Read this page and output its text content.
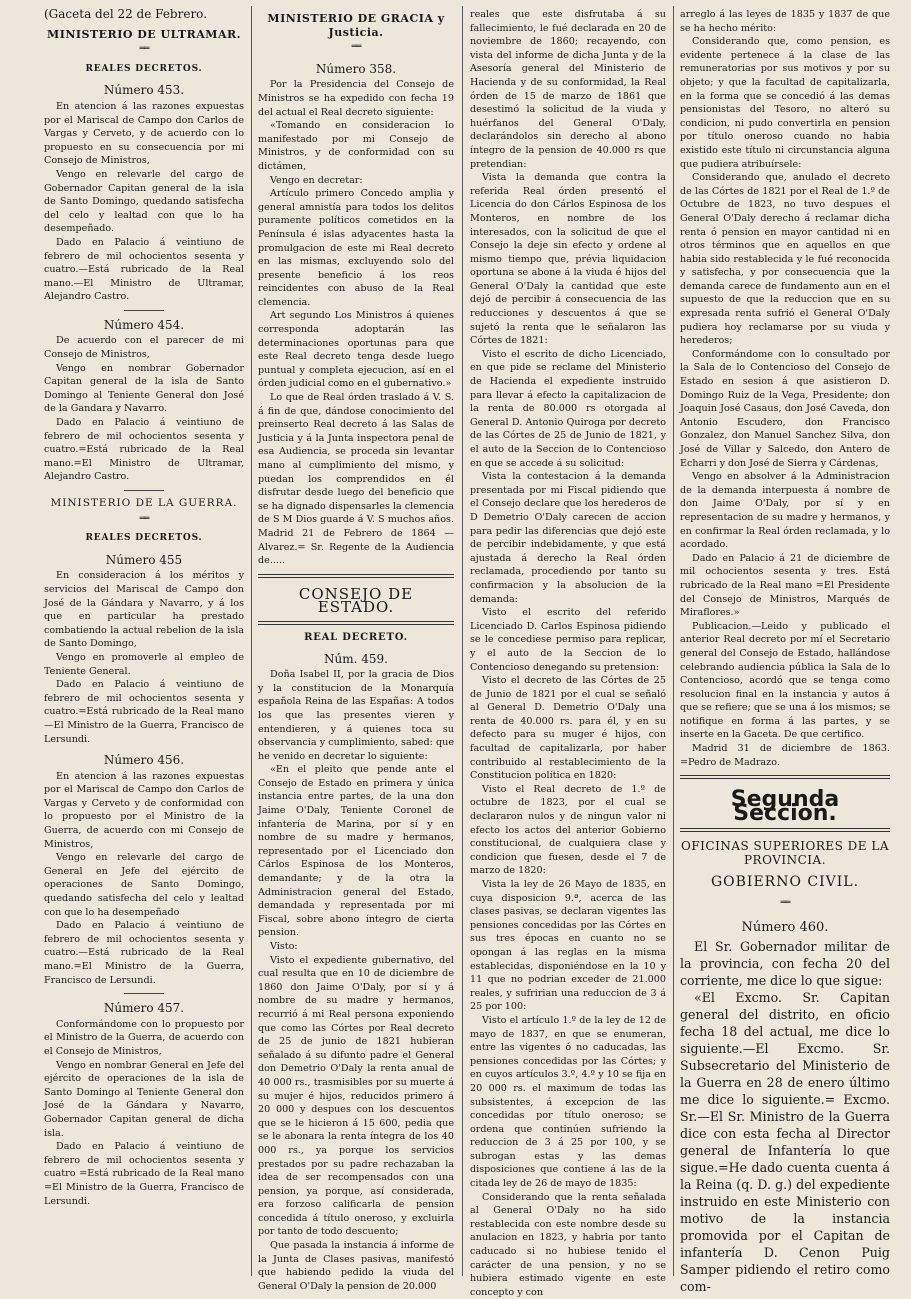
(Gaceta del 22 de Febrero.

MINISTERIO DE ULTRAMAR.
══
REALES DECRETOS.
Número 453.

En atencion á las razones expuestas por el Mariscal de Campo don Carlos de Vargas y Cerveto, y de acuerdo con lo propuesto en su consecuencia por mi Consejo de Ministros,

Vengo en relevarle del cargo de Gobernador Capitan general de la isla de Santo Domingo, quedando satisfecha del celo y lealtad con que lo ha desempeñado.

Dado en Palacio á veintiuno de febrero de mil ochocientos sesenta y cuatro.—Está rubricado de la Real mano.—El Ministro de Ultramar, Alejandro Castro.

Número 454.

De acuerdo con el parecer de mi Consejo de Ministros,

Vengo en nombrar Gobernador Capitan general de la isla de Santo Domingo al Teniente General don José de la Gandara y Navarro.

Dado en Palacio á veintiuno de febrero de mil ochocientos sesenta y cuatro.=Está rubricado de la Real mano.=El Ministro de Ultramar, Alejandro Castro.

MINISTERIO DE LA GUERRA.
══
REALES DECRETOS.
Número 455

En consideracion á los méritos y servicios del Mariscal de Campo don José de la Gándara y Navarro, y á los que en particular ha prestado combatiendo la actual rebelion de la isla de Santo Domingo,

Vengo en promoverle al empleo de Teniente General.

Dado en Palacio á veintiuno de febrero de mil ochocientos sesenta y cuatro.=Está rubricado de la Real mano —El Ministro de la Guerra, Francisco de Lersundi.

Número 456.

En atencion á las razones expuestas por el Mariscal de Campo don Carlos de Vargas y Cerveto y de conformidad con lo propuesto por el Ministro de la Guerra, de acuerdo con mi Consejo de Ministros,

Vengo en relevarle del cargo de General en Jefe del ejército de operaciones de Santo Domingo, quedando satisfecha del celo y lealtad con que lo ha desempeñado

Dado en Palacio á veintiuno de febrero de mil ochocientos sesenta y cuatro.—Está rubricado de la Real mano.=El Ministro de la Guerra, Francisco de Lersundi.

Número 457.

Conformándome con lo propuesto por el Ministro de la Guerra, de acuerdo con el Consejo de Ministros,

Vengo en nombrar General en Jefe del ejército de operaciones de la isla de Santo Domingo al Teniente General don José de la Gándara y Navarro, Gobernador Capitan general de dicha isla.

Dado en Palacio á veintiuno de febrero de mil ochocientos sesenta y cuatro =Está rubricado de la Real mano =El Ministro de la Guerra, Francisco de Lersundi.

MINISTERIO DE GRACIA y Justicia.
══
Número 358.

Por la Presidencia del Consejo de Ministros se ha expedido con fecha 19 del actual el Real decreto siguiente:

«Tomando en consideracion lo manifestado por mi Consejo de Ministros, y de conformidad con su dictámen,

Vengo en decretar:

Artículo primero Concedo amplia y general amnistía para todos los delitos puramente políticos cometidos en la Península é islas adyacentes hasta la promulgacion de este mi Real decreto en las mismas, excluyendo solo del presente beneficio á los reos reincidentes con abuso de la Real clemencia.

Art segundo Los Ministros á quienes corresponda adoptarán las determinaciones oportunas para que este Real decreto tenga desde luego puntual y completa ejecucion, así en el órden judicial como en el gubernativo.»

Lo que de Real órden traslado á V. S. á fin de que, dándose conocimiento del preinserto Real decreto á las Salas de Justicia y á la Junta inspectora penal de esa Audiencia, se proceda sin levantar mano al cumplimiento del mismo, y puedan los comprendidos en él disfrutar desde luego del beneficio que se ha dignado dispensarles la clemencia de S M Dios guarde á V. S muchos años. Madrid 21 de Febrero de 1864 —Alvarez.= Sr. Regente de la Audiencia de.....

CONSEJO DE ESTADO.
REAL DECRETO.
Núm. 459.

Doña Isabel II, por la gracia de Dios y la constitucion de la Monarquía española Reina de las Españas: A todos los que las presentes vieren y entendieren, y á quienes toca su observancia y cumplimiento, sabed: que he venido en decretar lo siguiente:

«En el pleito que pende ante el Consejo de Estado en primera y única instancia entre partes, de la una don Jaime O'Daly, Teniente Coronel de infantería de Marina, por sí y en nombre de su madre y hermanos, representado por el Licenciado don Cárlos Espinosa de los Monteros, demandante; y de la otra la Administracion general del Estado, demandada y representada por mi Fiscal, sobre abono íntegro de cierta pension.

Visto:

Visto el expediente gubernativo, del cual resulta que en 10 de diciembre de 1860 don Jaime O'Daly, por sí y á nombre de su madre y hermanos, recurrió á mi Real persona exponiendo que como las Córtes por Real decreto de 25 de junio de 1821 hubieran señalado á su difunto padre el General don Demetrio O'Daly la renta anual de 40 000 rs., trasmisibles por su muerte á su mujer é hijos, reducidos primero á 20 000 y despues con los descuentos que se le hicieron á 15 600, pedia que se le abonara la renta íntegra de los 40 000 rs., ya porque los servicios prestados por su padre rechazaban la idea de ser recompensados con una pension, ya porque, así considerada, era forzoso calificarla de pension concedida á título oneroso, y excluirla por tanto de todo descuento;

Que pasada la instancia á informe de la Junta de Clases pasivas, manifestó que habiendo pedido la viuda del General O'Daly la pension de 20.000

reales que este disfrutaba á su fallecimiento, le fué declarada en 20 de noviembre de 1860; recayendo, con vista del informe de dicha Junta y de la Asesoría general del Ministerio de Hacienda y de su conformidad, la Real órden de 15 de marzo de 1861 que desestimó la solicitud de la viuda y huérfanos del General O'Daly, declarándolos sin derecho al abono íntegro de la pension de 40.000 rs que pretendian:

Vista la demanda que contra la referida Real órden presentó el Licencia do don Cárlos Espinosa de los Monteros, en nombre de los interesados, con la solicitud de que el Consejo la deje sin efecto y ordene al mismo tiempo que, prévia liquidacion oportuna se abone á la viuda é hijos del General O'Daly la cantidad que este dejó de percibir á consecuencia de las reducciones y descuentos á que se sujetó la renta que le señalaron las Córtes de 1821:

Visto el escrito de dicho Licenciado, en que pide se reclame del Ministerio de Hacienda el expediente instruido para llevar á efecto la capitalizacion de la renta de 80.000 rs otorgada al General D. Antonio Quiroga por decreto de las Córtes de 25 de Junio de 1821, y el auto de la Seccion de lo Contencioso en que se accede á su solicitud:

Vista la contestacion á la demanda presentada por mi Fiscal pidiendo que el Consejo declare que los herederos de D Demetrio O'Daly carecen de accion para pedir las diferencias que dejó este de percibir indebidamente, y que está ajustada á derecho la Real órden reclamada, procediendo por tanto su confirmacion y la absolucion de la demanda:

Visto el escrito del referido Licenciado D. Carlos Espinosa pidiendo se le concediese permiso para replicar, y el auto de la Seccion de lo Contencioso denegando su pretension:

Visto el decreto de las Córtes de 25 de Junio de 1821 por el cual se señaló al General D. Demetrio O'Daly una renta de 40.000 rs. para él, y en su defecto para su muger é hijos, con facultad de capitalizarla, por haber contribuido al restablecimiento de la Constitucion política en 1820:

Visto el Real decreto de 1.º de octubre de 1823, por el cual se declararon nulos y de ningun valor ni efecto los actos del anterior Gobierno constitucional, de cualquiera clase y condicion que fuesen, desde el 7 de marzo de 1820:

Vista la ley de 26 Mayo de 1835, en cuya disposicion 9.ª, acerca de las clases pasivas, se declaran vigentes las pensiones concedidas por las Córtes en sus tres épocas en cuanto no se opongan á las reglas en la misma establecidas, disponiéndose en la 10 y 11 que no podrian exceder de 21.000 reales, y sufririan una reduccion de 3 á 25 por 100:

Visto el artículo 1.º de la ley de 12 de mayo de 1837, en que se enumeran, entre las vigentes ó no caducadas, las pensiones concedidas por las Córtes; y en cuyos artículos 3.º, 4.º y 10 se fija en 20 000 rs. el maximum de todas las subsistentes, á excepcion de las concedidas por título oneroso; se ordena que continúen sufriendo la reduccion de 3 á 25 por 100, y se subrogan estas y las demas disposiciones que contiene á las de la citada ley de 26 de mayo de 1835:

Considerando que la renta señalada al General O'Daly no ha sido restablecida con este nombre desde su anulacion en 1823, y habria por tanto caducado si no hubiese tenido el carácter de una pension, y no se hubiera estimado vigente en este concepto y con

arreglo á las leyes de 1835 y 1837 de que se ha hecho mérito:

Considerando que, como pension, es evidente pertenece á la clase de las remuneratorias por sus motivos y por su objeto; y que la facultad de capitalizarla, en la forma que se concedió á las demas pensionistas del Tesoro, no alteró su condicion, ni pudo convertirla en pension por título oneroso cuando no habia existido este título ni circunstancia alguna que pudiera atribuírsele:

Considerando que, anulado el decreto de las Córtes de 1821 por el Real de 1.º de Octubre de 1823, no tuvo despues el General O'Daly derecho á reclamar dicha renta ó pension en mayor cantidad ni en otros términos que en aquellos en que habia sido restablecida y le fué reconocida y satisfecha, y por consecuencia que la demanda carece de fundamento aun en el supuesto de que la reduccion que en su expresada renta sufrió el General O'Daly pudiera hoy reclamarse por su viuda y herederos;

Conformándome con lo consultado por la Sala de lo Contencioso del Consejo de Estado en sesion á que asistieron D. Domingo Ruiz de la Vega, Presidente; don Joaquin José Casaus, don José Caveda, don Antonio Escudero, don Francisco Gonzalez, don Manuel Sanchez Silva, don José de Villar y Salcedo, don Antero de Echarri y don José de Sierra y Cárdenas,

Vengo en absolver á la Administracion de la demanda interpuesta á nombre de don Jaime O'Daly, por sí y en representacion de su madre y hermanos, y en confirmar la Real órden reclamada, y lo acordado.

Dado en Palacio á 21 de diciembre de mil ochocientos sesenta y tres. Está rubricado de la Real mano =El Presidente del Consejo de Ministros, Marqués de Miraflores.»

Publicacion.—Leido y publicado el anterior Real decreto por mí el Secretario general del Consejo de Estado, hallándose celebrando audiencia pública la Sala de lo Contencioso, acordó que se tenga como resolucion final en la instancia y autos á que se refiere; que se una á los mismos; se notifique en forma á las partes, y se inserte en la Gaceta. De que certifico.

Madrid 31 de diciembre de 1863. =Pedro de Madrazo.

Segunda Seccion.
OFICINAS SUPERIORES DE LA PROVINCIA.
GOBIERNO CIVIL.
══
Número 460.

El Sr. Gobernador militar de la provincia, con fecha 20 del corriente, me dice lo que sigue:

«El Excmo. Sr. Capitan general del distrito, en oficio fecha 18 del actual, me dice lo siguiente.—El Excmo. Sr. Subsecretario del Ministerio de la Guerra en 28 de enero último me dice lo siguiente.= Excmo. Sr.—El Sr. Ministro de la Guerra dice con esta fecha al Director general de Infantería lo que sigue.=He dado cuenta cuenta á la Reina (q. D. g.) del expediente instruido en este Ministerio con motivo de la instancia promovida por el Capitan de infantería D. Cenon Puig Samper pidiendo el retiro como com-
